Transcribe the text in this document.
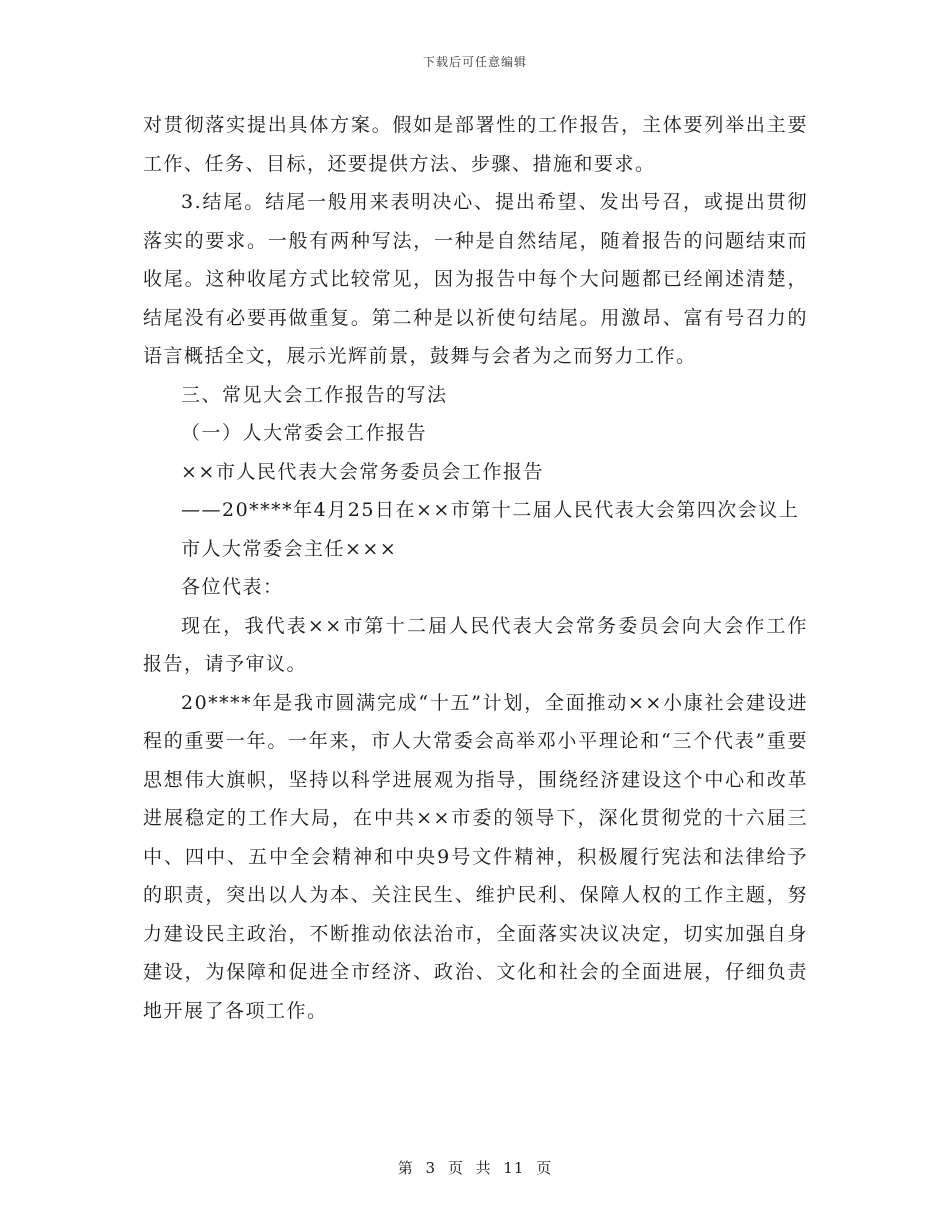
下载后可任意编辑

对贯彻落实提出具体方案。假如是部署性的工作报告，主体要列举出主要工作、任务、目标，还要提供方法、步骤、措施和要求。

3.结尾。结尾一般用来表明决心、提出希望、发出号召，或提出贯彻落实的要求。一般有两种写法，一种是自然结尾，随着报告的问题结束而收尾。这种收尾方式比较常见，因为报告中每个大问题都已经阐述清楚，结尾没有必要再做重复。第二种是以祈使句结尾。用激昂、富有号召力的语言概括全文，展示光辉前景，鼓舞与会者为之而努力工作。

三、常见大会工作报告的写法

（一）人大常委会工作报告

××市人民代表大会常务委员会工作报告

——20****年4月25日在××市第十二届人民代表大会第四次会议上

市人大常委会主任×××

各位代表：

现在，我代表××市第十二届人民代表大会常务委员会向大会作工作报告，请予审议。

20****年是我市圆满完成“十五”计划，全面推动××小康社会建设进程的重要一年。一年来，市人大常委会高举邓小平理论和“三个代表”重要思想伟大旗帜，坚持以科学进展观为指导，围绕经济建设这个中心和改革进展稳定的工作大局，在中共××市委的领导下，深化贯彻党的十六届三中、四中、五中全会精神和中央9号文件精神，积极履行宪法和法律给予的职责，突出以人为本、关注民生、维护民利、保障人权的工作主题，努力建设民主政治，不断推动依法治市，全面落实决议决定，切实加强自身建设，为保障和促进全市经济、政治、文化和社会的全面进展，仔细负责地开展了各项工作。

第 3 页 共 11 页
